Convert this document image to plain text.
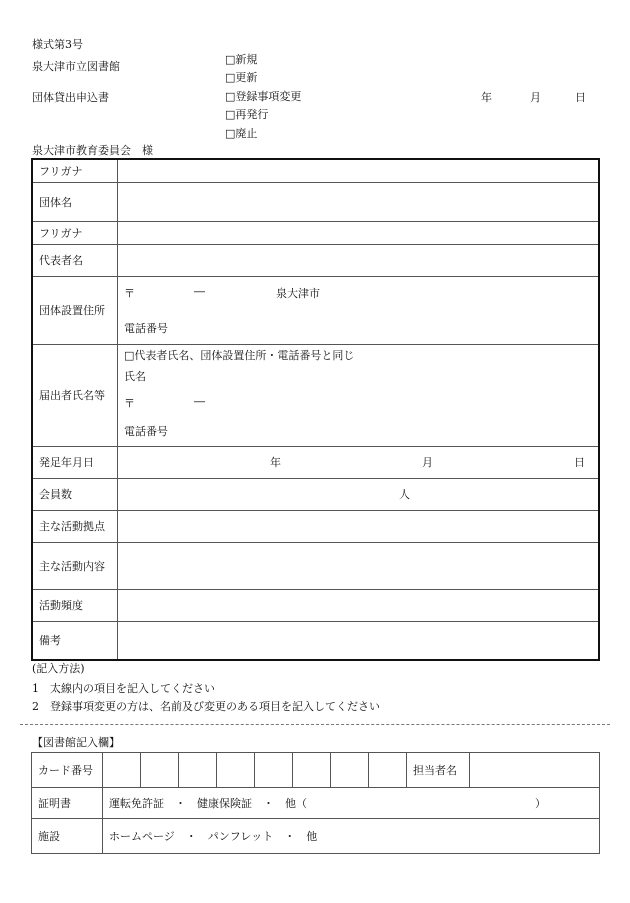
様式第3号
泉大津市立図書館
団体貸出申込書
□新規
□更新
□登録事項変更
□再発行
□廃止
年	月	日
泉大津市教育委員会　様
フリガナ	
団体名	
フリガナ	
代表者名	
団体設置住所	〒 ― 泉大津市
電話番号

届出者氏名等	□代表者氏名、団体設置住所・電話番号と同じ
氏名
〒 ―
電話番号

発足年月日	年 月 日

会員数	人

主な活動拠点	
主な活動内容	
活動頻度	
備考	
(記入方法)
1　太線内の項目を記入してください
2　登録事項変更の方は、名前及び変更のある項目を記入してください
【図書館記入欄】
カード番号									担当者名	
証明書	運転免許証　・　健康保険証　・　他（ ）									

施設	ホームページ　・　パンフレット　・　他									
